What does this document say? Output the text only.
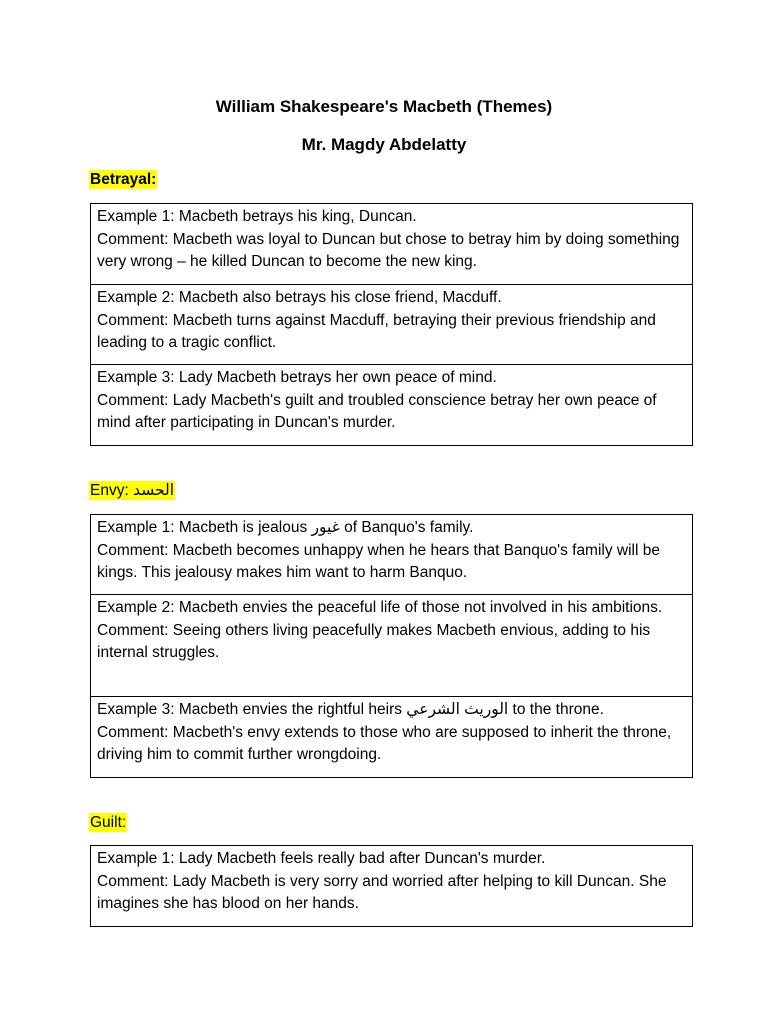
William Shakespeare's Macbeth (Themes)
Mr. Magdy Abdelatty
Betrayal:
Example 1: Macbeth betrays his king, Duncan.
Comment: Macbeth was loyal to Duncan but chose to betray him by doing something very wrong – he killed Duncan to become the new king.
Example 2: Macbeth also betrays his close friend, Macduff.
Comment: Macbeth turns against Macduff, betraying their previous friendship and leading to a tragic conflict.
Example 3: Lady Macbeth betrays her own peace of mind.
Comment: Lady Macbeth's guilt and troubled conscience betray her own peace of mind after participating in Duncan's murder.
Envy: الحسد
Example 1: Macbeth is jealous غيور of Banquo's family.
Comment: Macbeth becomes unhappy when he hears that Banquo's family will be kings. This jealousy makes him want to harm Banquo.
Example 2: Macbeth envies the peaceful life of those not involved in his ambitions.
Comment: Seeing others living peacefully makes Macbeth envious, adding to his internal struggles.
Example 3: Macbeth envies the rightful heirs الوريث الشرعي to the throne.
Comment: Macbeth's envy extends to those who are supposed to inherit the throne, driving him to commit further wrongdoing.
Guilt:
Example 1: Lady Macbeth feels really bad after Duncan's murder.
Comment: Lady Macbeth is very sorry and worried after helping to kill Duncan. She imagines she has blood on her hands.
